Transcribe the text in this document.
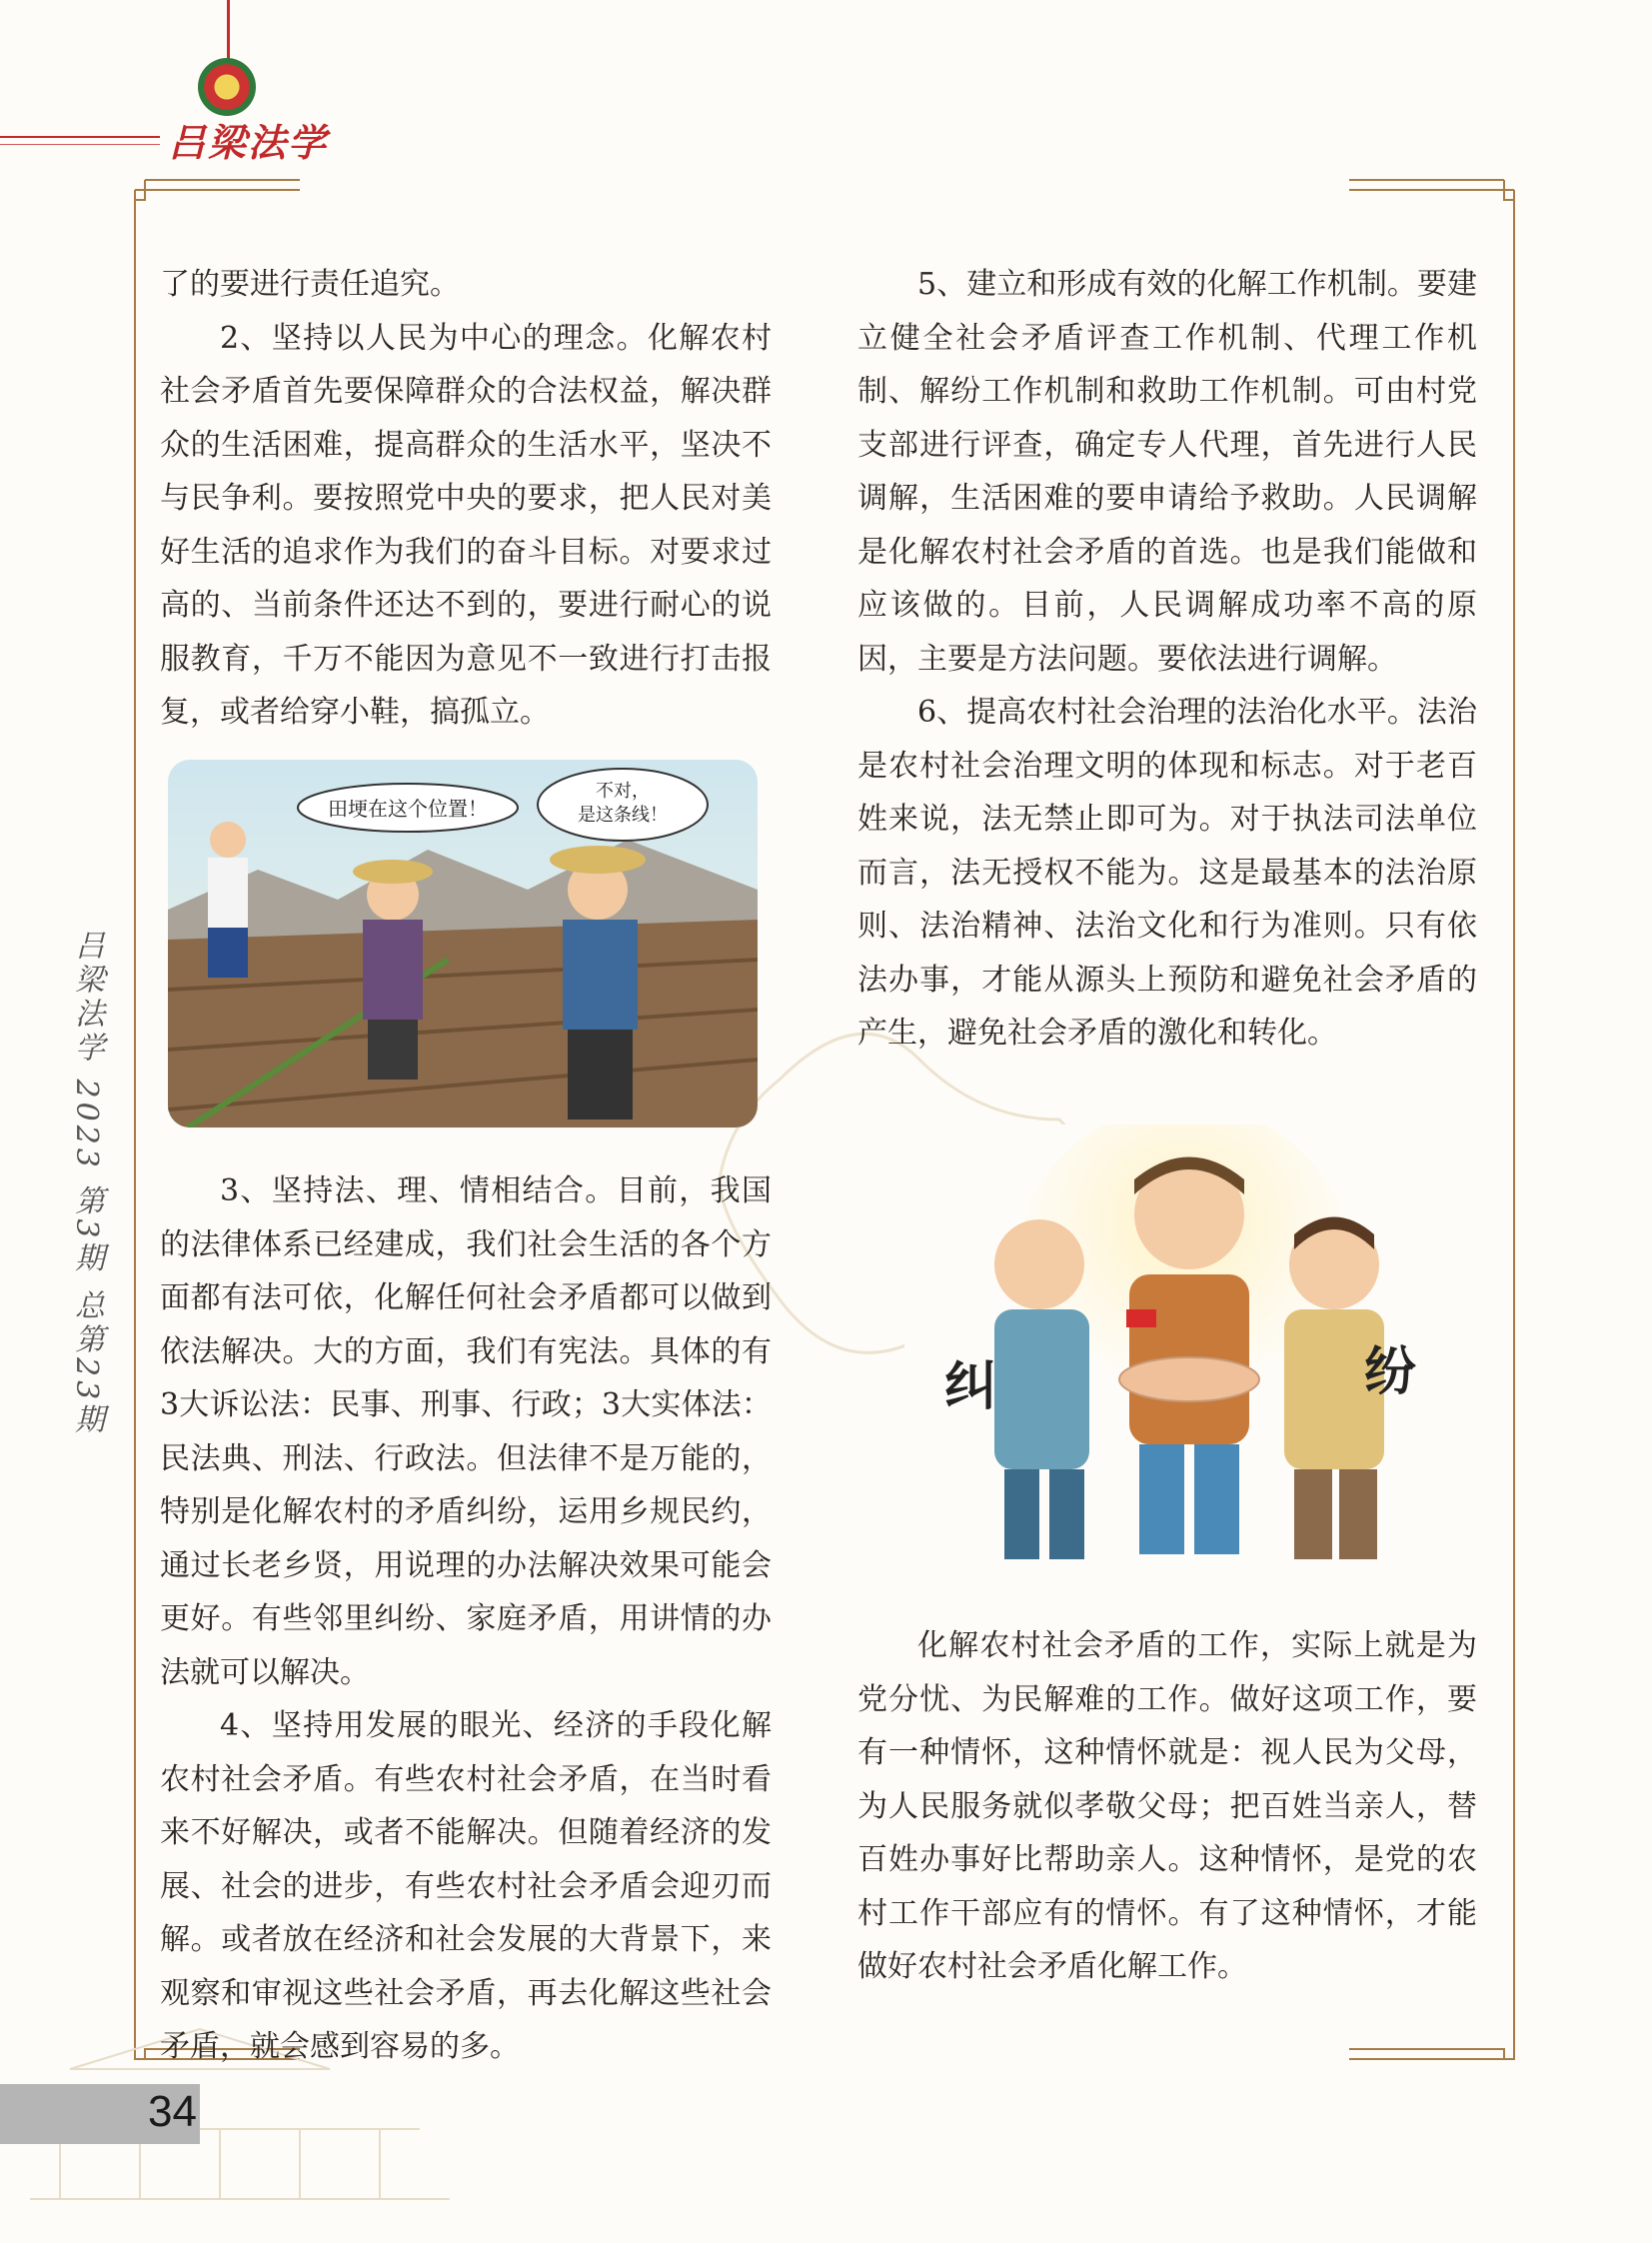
吕梁法学
吕梁法学 2023 第3期 总第23期

了的要进行责任追究。

2、坚持以人民为中心的理念。化解农村社会矛盾首先要保障群众的合法权益，解决群众的生活困难，提高群众的生活水平，坚决不与民争利。要按照党中央的要求，把人民对美好生活的追求作为我们的奋斗目标。对要求过高的、当前条件还达不到的，要进行耐心的说服教育，千万不能因为意见不一致进行打击报复，或者给穿小鞋，搞孤立。

田埂在这个位置！
不对，是这条线！

3、坚持法、理、情相结合。目前，我国的法律体系已经建成，我们社会生活的各个方面都有法可依，化解任何社会矛盾都可以做到依法解决。大的方面，我们有宪法。具体的有3大诉讼法：民事、刑事、行政；3大实体法：民法典、刑法、行政法。但法律不是万能的，特别是化解农村的矛盾纠纷，运用乡规民约，通过长老乡贤，用说理的办法解决效果可能会更好。有些邻里纠纷、家庭矛盾，用讲情的办法就可以解决。

4、坚持用发展的眼光、经济的手段化解农村社会矛盾。有些农村社会矛盾，在当时看来不好解决，或者不能解决。但随着经济的发展、社会的进步，有些农村社会矛盾会迎刃而解。或者放在经济和社会发展的大背景下，来观察和审视这些社会矛盾，再去化解这些社会矛盾，就会感到容易的多。

5、建立和形成有效的化解工作机制。要建立健全社会矛盾评查工作机制、代理工作机制、解纷工作机制和救助工作机制。可由村党支部进行评查，确定专人代理，首先进行人民调解，生活困难的要申请给予救助。人民调解是化解农村社会矛盾的首选。也是我们能做和应该做的。目前，人民调解成功率不高的原因，主要是方法问题。要依法进行调解。

6、提高农村社会治理的法治化水平。法治是农村社会治理文明的体现和标志。对于老百姓来说，法无禁止即可为。对于执法司法单位而言，法无授权不能为。这是最基本的法治原则、法治精神、法治文化和行为准则。只有依法办事，才能从源头上预防和避免社会矛盾的产生，避免社会矛盾的激化和转化。

纠	纷

化解农村社会矛盾的工作，实际上就是为党分忧、为民解难的工作。做好这项工作，要有一种情怀，这种情怀就是：视人民为父母，为人民服务就似孝敬父母；把百姓当亲人，替百姓办事好比帮助亲人。这种情怀，是党的农村工作干部应有的情怀。有了这种情怀，才能做好农村社会矛盾化解工作。

34
